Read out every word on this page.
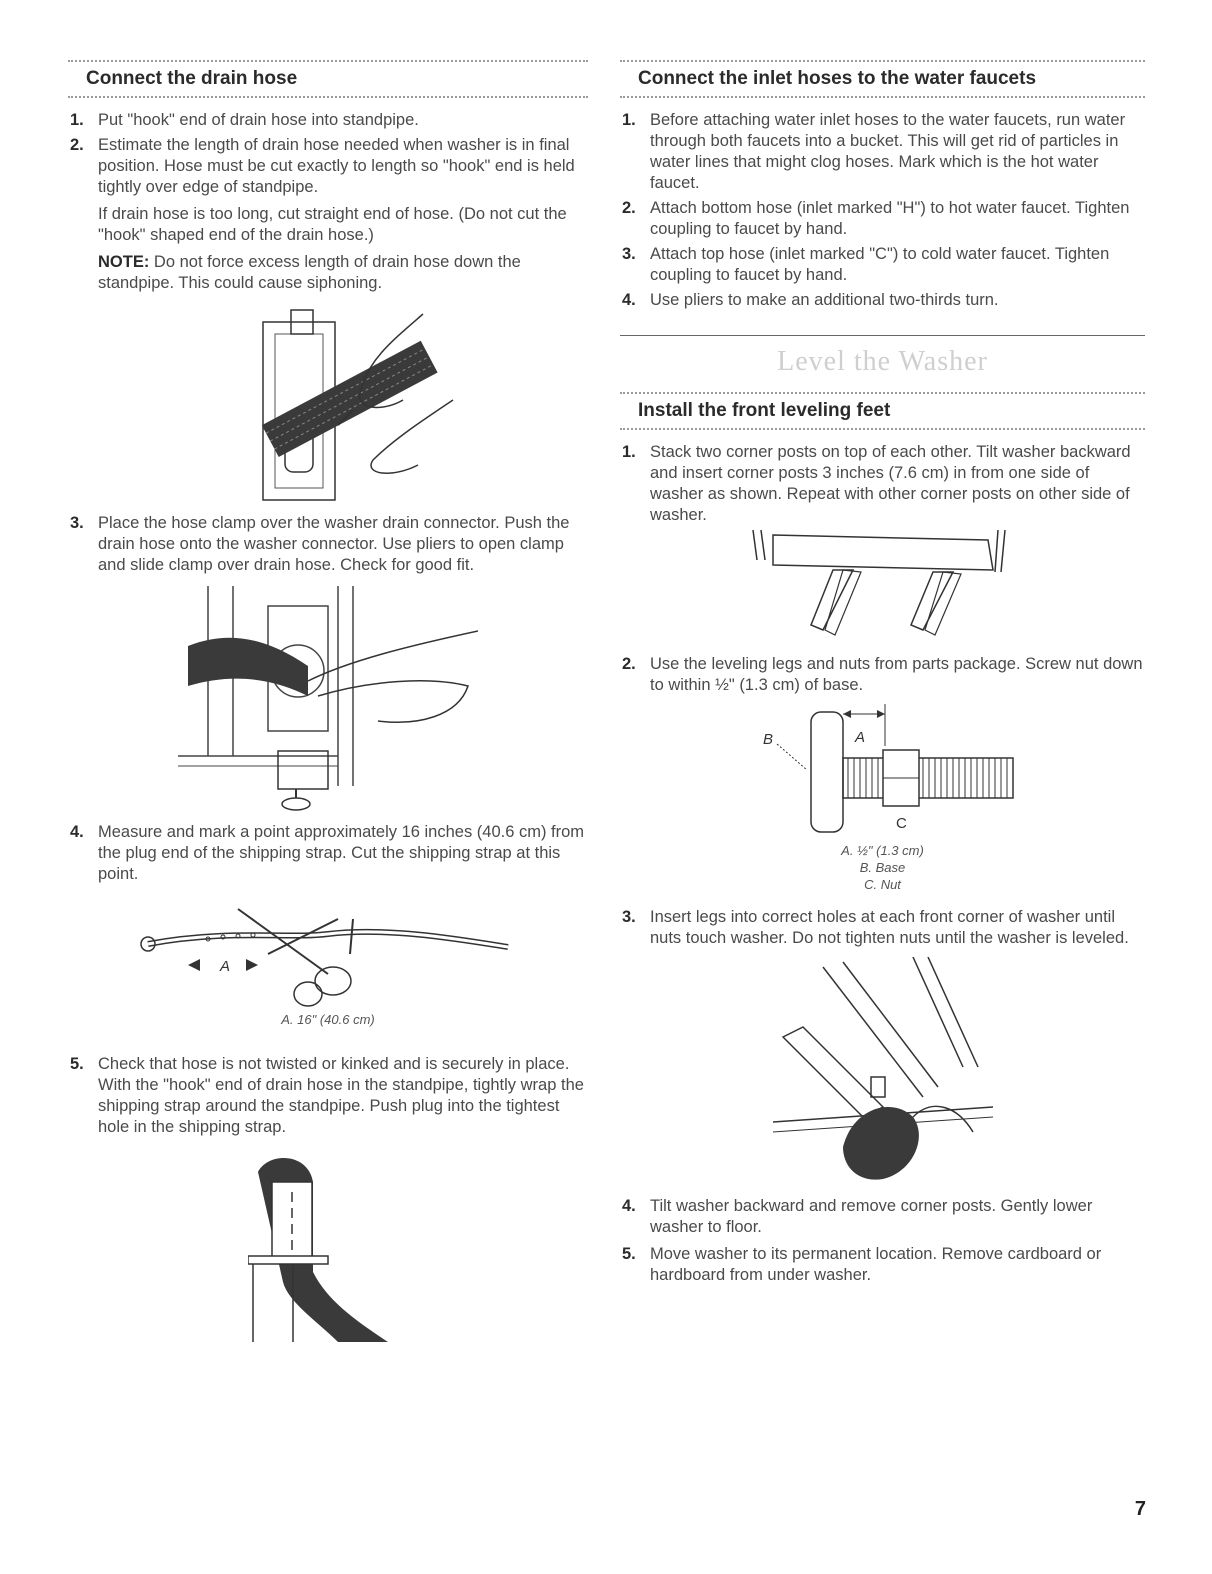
Connect the drain hose
1. Put "hook" end of drain hose into standpipe.
2. Estimate the length of drain hose needed when washer is in final position. Hose must be cut exactly to length so "hook" end is held tightly over edge of standpipe.
If drain hose is too long, cut straight end of hose. (Do not cut the "hook" shaped end of the drain hose.)
NOTE: Do not force excess length of drain hose down the standpipe. This could cause siphoning.
3. Place the hose clamp over the washer drain connector. Push the drain hose onto the washer connector. Use pliers to open clamp and slide clamp over drain hose. Check for good fit.
4. Measure and mark a point approximately 16 inches (40.6 cm) from the plug end of the shipping strap. Cut the shipping strap at this point.
A
A. 16" (40.6 cm)
5. Check that hose is not twisted or kinked and is securely in place. With the "hook" end of drain hose in the standpipe, tightly wrap the shipping strap around the standpipe. Push plug into the tightest hole in the shipping strap.
Connect the inlet hoses to the water faucets
1. Before attaching water inlet hoses to the water faucets, run water through both faucets into a bucket. This will get rid of particles in water lines that might clog hoses. Mark which is the hot water faucet.
2. Attach bottom hose (inlet marked "H") to hot water faucet. Tighten coupling to faucet by hand.
3. Attach top hose (inlet marked "C") to cold water faucet. Tighten coupling to faucet by hand.
4. Use pliers to make an additional two-thirds turn.
Level the Washer
Install the front leveling feet
1. Stack two corner posts on top of each other. Tilt washer backward and insert corner posts 3 inches (7.6 cm) in from one side of washer as shown. Repeat with other corner posts on other side of washer.
2. Use the leveling legs and nuts from parts package. Screw nut down to within ½" (1.3 cm) of base.
A
B
C
A. ½" (1.3 cm)
B. Base
C. Nut
3. Insert legs into correct holes at each front corner of washer until nuts touch washer. Do not tighten nuts until the washer is leveled.
4. Tilt washer backward and remove corner posts. Gently lower washer to floor.
5. Move washer to its permanent location. Remove cardboard or hardboard from under washer.
7
